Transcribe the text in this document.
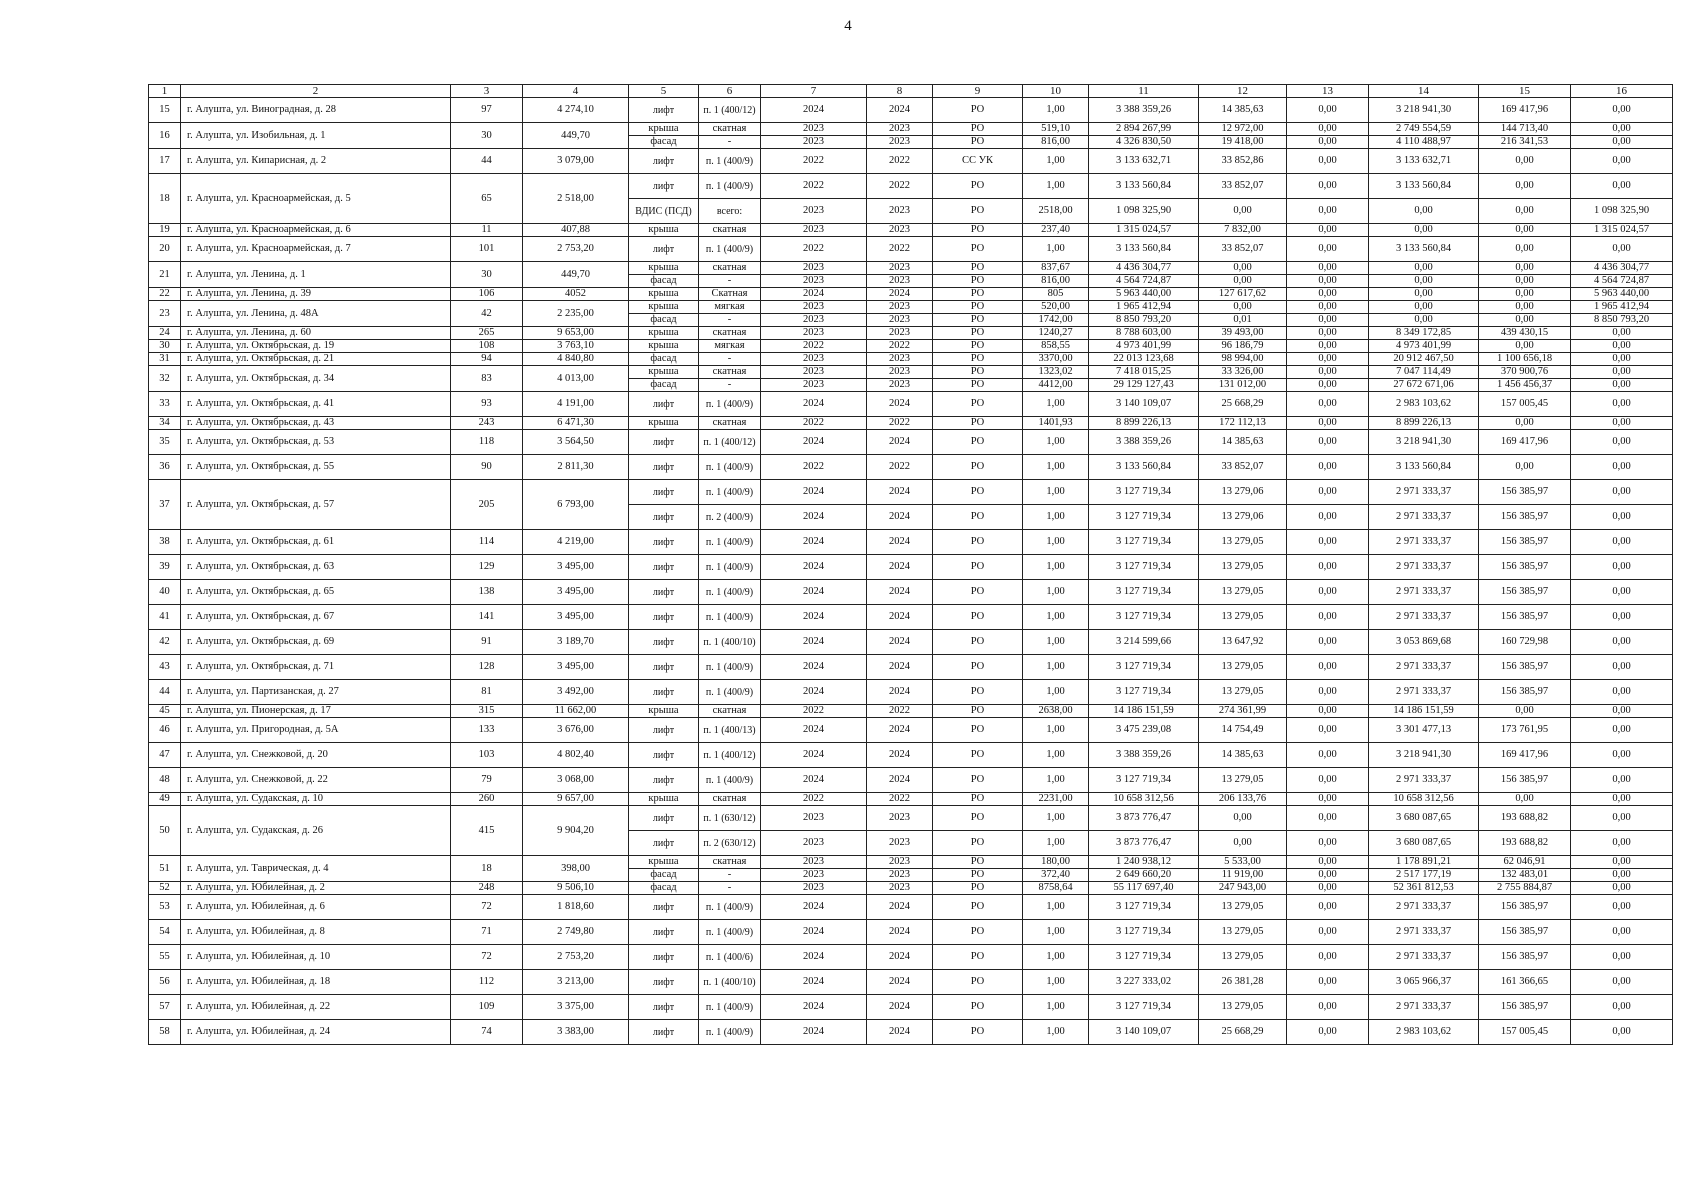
4
1	2	3	4	5	6	7	8	9	10	11	12	13	14	15	16
15	г. Алушта, ул. Виноградная, д. 28	97	4 274,10	лифт	п. 1 (400/12)	2024	2024	РО	1,00	3 388 359,26	14 385,63	0,00	3 218 941,30	169 417,96	0,00
16	г. Алушта, ул. Изобильная, д. 1	30	449,70	крыша	скатная	2023	2023	РО	519,10	2 894 267,99	12 972,00	0,00	2 749 554,59	144 713,40	0,00
				фасад	-	2023	2023	РО	816,00	4 326 830,50	19 418,00	0,00	4 110 488,97	216 341,53	0,00
17	г. Алушта, ул. Кипарисная, д. 2	44	3 079,00	лифт	п. 1 (400/9)	2022	2022	СС УК	1,00	3 133 632,71	33 852,86	0,00	3 133 632,71	0,00	0,00
18	г. Алушта, ул. Красноармейская, д. 5	65	2 518,00	лифт	п. 1 (400/9)	2022	2022	РО	1,00	3 133 560,84	33 852,07	0,00	3 133 560,84	0,00	0,00
				ВДИС (ПСД)	всего:	2023	2023	РО	2518,00	1 098 325,90	0,00	0,00	0,00	0,00	1 098 325,90
19	г. Алушта, ул. Красноармейская, д. 6	11	407,88	крыша	скатная	2023	2023	РО	237,40	1 315 024,57	7 832,00	0,00	0,00	0,00	1 315 024,57
20	г. Алушта, ул. Красноармейская, д. 7	101	2 753,20	лифт	п. 1 (400/9)	2022	2022	РО	1,00	3 133 560,84	33 852,07	0,00	3 133 560,84	0,00	0,00
21	г. Алушта, ул. Ленина, д. 1	30	449,70	крыша	скатная	2023	2023	РО	837,67	4 436 304,77	0,00	0,00	0,00	0,00	4 436 304,77
				фасад	-	2023	2023	РО	816,00	4 564 724,87	0,00	0,00	0,00	0,00	4 564 724,87
22	г. Алушта, ул. Ленина, д. 39	106	4052	крыша	Скатная	2024	2024	РО	805	5 963 440,00	127 617,62	0,00	0,00	0,00	5 963 440,00
23	г. Алушта, ул. Ленина, д. 48А	42	2 235,00	крыша	мягкая	2023	2023	РО	520,00	1 965 412,94	0,00	0,00	0,00	0,00	1 965 412,94
				фасад	-	2023	2023	РО	1742,00	8 850 793,20	0,01	0,00	0,00	0,00	8 850 793,20
24	г. Алушта, ул. Ленина, д. 60	265	9 653,00	крыша	скатная	2023	2023	РО	1240,27	8 788 603,00	39 493,00	0,00	8 349 172,85	439 430,15	0,00
30	г. Алушта, ул. Октябрьская, д. 19	108	3 763,10	крыша	мягкая	2022	2022	РО	858,55	4 973 401,99	96 186,79	0,00	4 973 401,99	0,00	0,00
31	г. Алушта, ул. Октябрьская, д. 21	94	4 840,80	фасад	-	2023	2023	РО	3370,00	22 013 123,68	98 994,00	0,00	20 912 467,50	1 100 656,18	0,00
32	г. Алушта, ул. Октябрьская, д. 34	83	4 013,00	крыша	скатная	2023	2023	РО	1323,02	7 418 015,25	33 326,00	0,00	7 047 114,49	370 900,76	0,00
				фасад	-	2023	2023	РО	4412,00	29 129 127,43	131 012,00	0,00	27 672 671,06	1 456 456,37	0,00
33	г. Алушта, ул. Октябрьская, д. 41	93	4 191,00	лифт	п. 1 (400/9)	2024	2024	РО	1,00	3 140 109,07	25 668,29	0,00	2 983 103,62	157 005,45	0,00
34	г. Алушта, ул. Октябрьская, д. 43	243	6 471,30	крыша	скатная	2022	2022	РО	1401,93	8 899 226,13	172 112,13	0,00	8 899 226,13	0,00	0,00
35	г. Алушта, ул. Октябрьская, д. 53	118	3 564,50	лифт	п. 1 (400/12)	2024	2024	РО	1,00	3 388 359,26	14 385,63	0,00	3 218 941,30	169 417,96	0,00
36	г. Алушта, ул. Октябрьская, д. 55	90	2 811,30	лифт	п. 1 (400/9)	2022	2022	РО	1,00	3 133 560,84	33 852,07	0,00	3 133 560,84	0,00	0,00
37	г. Алушта, ул. Октябрьская, д. 57	205	6 793,00	лифт	п. 1 (400/9)	2024	2024	РО	1,00	3 127 719,34	13 279,06	0,00	2 971 333,37	156 385,97	0,00
				лифт	п. 2 (400/9)	2024	2024	РО	1,00	3 127 719,34	13 279,06	0,00	2 971 333,37	156 385,97	0,00
38	г. Алушта, ул. Октябрьская, д. 61	114	4 219,00	лифт	п. 1 (400/9)	2024	2024	РО	1,00	3 127 719,34	13 279,05	0,00	2 971 333,37	156 385,97	0,00
39	г. Алушта, ул. Октябрьская, д. 63	129	3 495,00	лифт	п. 1 (400/9)	2024	2024	РО	1,00	3 127 719,34	13 279,05	0,00	2 971 333,37	156 385,97	0,00
40	г. Алушта, ул. Октябрьская, д. 65	138	3 495,00	лифт	п. 1 (400/9)	2024	2024	РО	1,00	3 127 719,34	13 279,05	0,00	2 971 333,37	156 385,97	0,00
41	г. Алушта, ул. Октябрьская, д. 67	141	3 495,00	лифт	п. 1 (400/9)	2024	2024	РО	1,00	3 127 719,34	13 279,05	0,00	2 971 333,37	156 385,97	0,00
42	г. Алушта, ул. Октябрьская, д. 69	91	3 189,70	лифт	п. 1 (400/10)	2024	2024	РО	1,00	3 214 599,66	13 647,92	0,00	3 053 869,68	160 729,98	0,00
43	г. Алушта, ул. Октябрьская, д. 71	128	3 495,00	лифт	п. 1 (400/9)	2024	2024	РО	1,00	3 127 719,34	13 279,05	0,00	2 971 333,37	156 385,97	0,00
44	г. Алушта, ул. Партизанская, д. 27	81	3 492,00	лифт	п. 1 (400/9)	2024	2024	РО	1,00	3 127 719,34	13 279,05	0,00	2 971 333,37	156 385,97	0,00
45	г. Алушта, ул. Пионерская, д. 17	315	11 662,00	крыша	скатная	2022	2022	РО	2638,00	14 186 151,59	274 361,99	0,00	14 186 151,59	0,00	0,00
46	г. Алушта, ул. Пригородная, д. 5А	133	3 676,00	лифт	п. 1 (400/13)	2024	2024	РО	1,00	3 475 239,08	14 754,49	0,00	3 301 477,13	173 761,95	0,00
47	г. Алушта, ул. Снежковой, д. 20	103	4 802,40	лифт	п. 1 (400/12)	2024	2024	РО	1,00	3 388 359,26	14 385,63	0,00	3 218 941,30	169 417,96	0,00
48	г. Алушта, ул. Снежковой, д. 22	79	3 068,00	лифт	п. 1 (400/9)	2024	2024	РО	1,00	3 127 719,34	13 279,05	0,00	2 971 333,37	156 385,97	0,00
49	г. Алушта, ул. Судакская, д. 10	260	9 657,00	крыша	скатная	2022	2022	РО	2231,00	10 658 312,56	206 133,76	0,00	10 658 312,56	0,00	0,00
50	г. Алушта, ул. Судакская, д. 26	415	9 904,20	лифт	п. 1 (630/12)	2023	2023	РО	1,00	3 873 776,47	0,00	0,00	3 680 087,65	193 688,82	0,00
				лифт	п. 2 (630/12)	2023	2023	РО	1,00	3 873 776,47	0,00	0,00	3 680 087,65	193 688,82	0,00
51	г. Алушта, ул. Таврическая, д. 4	18	398,00	крыша	скатная	2023	2023	РО	180,00	1 240 938,12	5 533,00	0,00	1 178 891,21	62 046,91	0,00
				фасад	-	2023	2023	РО	372,40	2 649 660,20	11 919,00	0,00	2 517 177,19	132 483,01	0,00
52	г. Алушта, ул. Юбилейная, д. 2	248	9 506,10	фасад	-	2023	2023	РО	8758,64	55 117 697,40	247 943,00	0,00	52 361 812,53	2 755 884,87	0,00
53	г. Алушта, ул. Юбилейная, д. 6	72	1 818,60	лифт	п. 1 (400/9)	2024	2024	РО	1,00	3 127 719,34	13 279,05	0,00	2 971 333,37	156 385,97	0,00
54	г. Алушта, ул. Юбилейная, д. 8	71	2 749,80	лифт	п. 1 (400/9)	2024	2024	РО	1,00	3 127 719,34	13 279,05	0,00	2 971 333,37	156 385,97	0,00
55	г. Алушта, ул. Юбилейная, д. 10	72	2 753,20	лифт	п. 1 (400/6)	2024	2024	РО	1,00	3 127 719,34	13 279,05	0,00	2 971 333,37	156 385,97	0,00
56	г. Алушта, ул. Юбилейная, д. 18	112	3 213,00	лифт	п. 1 (400/10)	2024	2024	РО	1,00	3 227 333,02	26 381,28	0,00	3 065 966,37	161 366,65	0,00
57	г. Алушта, ул. Юбилейная, д. 22	109	3 375,00	лифт	п. 1 (400/9)	2024	2024	РО	1,00	3 127 719,34	13 279,05	0,00	2 971 333,37	156 385,97	0,00
58	г. Алушта, ул. Юбилейная, д. 24	74	3 383,00	лифт	п. 1 (400/9)	2024	2024	РО	1,00	3 140 109,07	25 668,29	0,00	2 983 103,62	157 005,45	0,00
